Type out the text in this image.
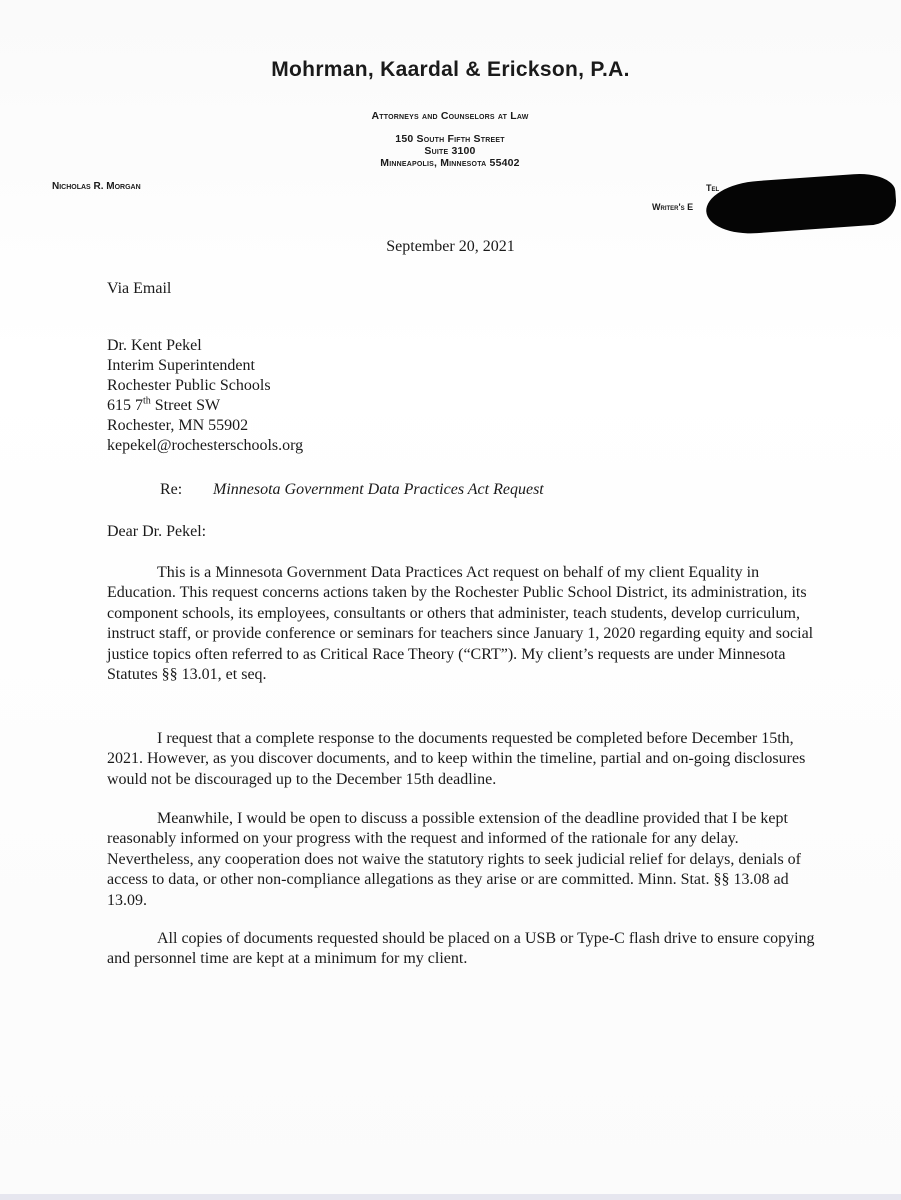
Mohrman, Kaardal & Erickson, P.A.
Attorneys and Counselors at Law
150 South Fifth Street
Suite 3100
Minneapolis, Minnesota 55402
Nicholas R. Morgan	Tel
Writer's E
September 20, 2021
Via Email
Dr. Kent Pekel
Interim Superintendent
Rochester Public Schools
615 7th Street SW
Rochester, MN 55902
kepekel@rochesterschools.org
Re: Minnesota Government Data Practices Act Request
Dear Dr. Pekel:

This is a Minnesota Government Data Practices Act request on behalf of my client Equality in Education. This request concerns actions taken by the Rochester Public School District, its administration, its component schools, its employees, consultants or others that administer, teach students, develop curriculum, instruct staff, or provide conference or seminars for teachers since January 1, 2020 regarding equity and social justice topics often referred to as Critical Race Theory (“CRT”). My client’s requests are under Minnesota Statutes §§ 13.01, et seq.

I request that a complete response to the documents requested be completed before December 15th, 2021. However, as you discover documents, and to keep within the timeline, partial and on-going disclosures would not be discouraged up to the December 15th deadline.

Meanwhile, I would be open to discuss a possible extension of the deadline provided that I be kept reasonably informed on your progress with the request and informed of the rationale for any delay. Nevertheless, any cooperation does not waive the statutory rights to seek judicial relief for delays, denials of access to data, or other non-compliance allegations as they arise or are committed. Minn. Stat. §§ 13.08 ad 13.09.

All copies of documents requested should be placed on a USB or Type-C flash drive to ensure copying and personnel time are kept at a minimum for my client.
